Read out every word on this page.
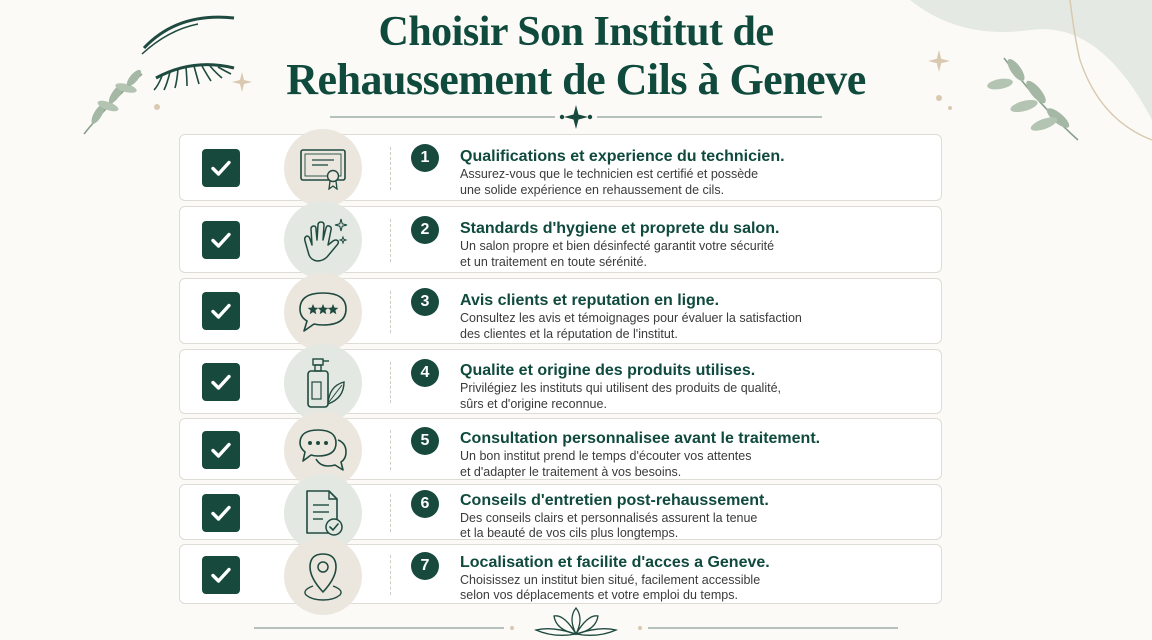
Choisir Son Institut de
Rehaussement de Cils à Geneve
1	Qualifications et experience du technicien.
Assurez-vous que le technicien est certifié et possède
une solide expérience en rehaussement de cils.
2	Standards d'hygiene et proprete du salon.
Un salon propre et bien désinfecté garantit votre sécurité
et un traitement en toute sérénité.
3	Avis clients et reputation en ligne.
Consultez les avis et témoignages pour évaluer la satisfaction
des clientes et la réputation de l'institut.
4	Qualite et origine des produits utilises.
Privilégiez les instituts qui utilisent des produits de qualité,
sûrs et d'origine reconnue.
5	Consultation personnalisee avant le traitement.
Un bon institut prend le temps d'écouter vos attentes
et d'adapter le traitement à vos besoins.
6	Conseils d'entretien post-rehaussement.
Des conseils clairs et personnalisés assurent la tenue
et la beauté de vos cils plus longtemps.
7	Localisation et facilite d'acces a Geneve.
Choisissez un institut bien situé, facilement accessible
selon vos déplacements et votre emploi du temps.
